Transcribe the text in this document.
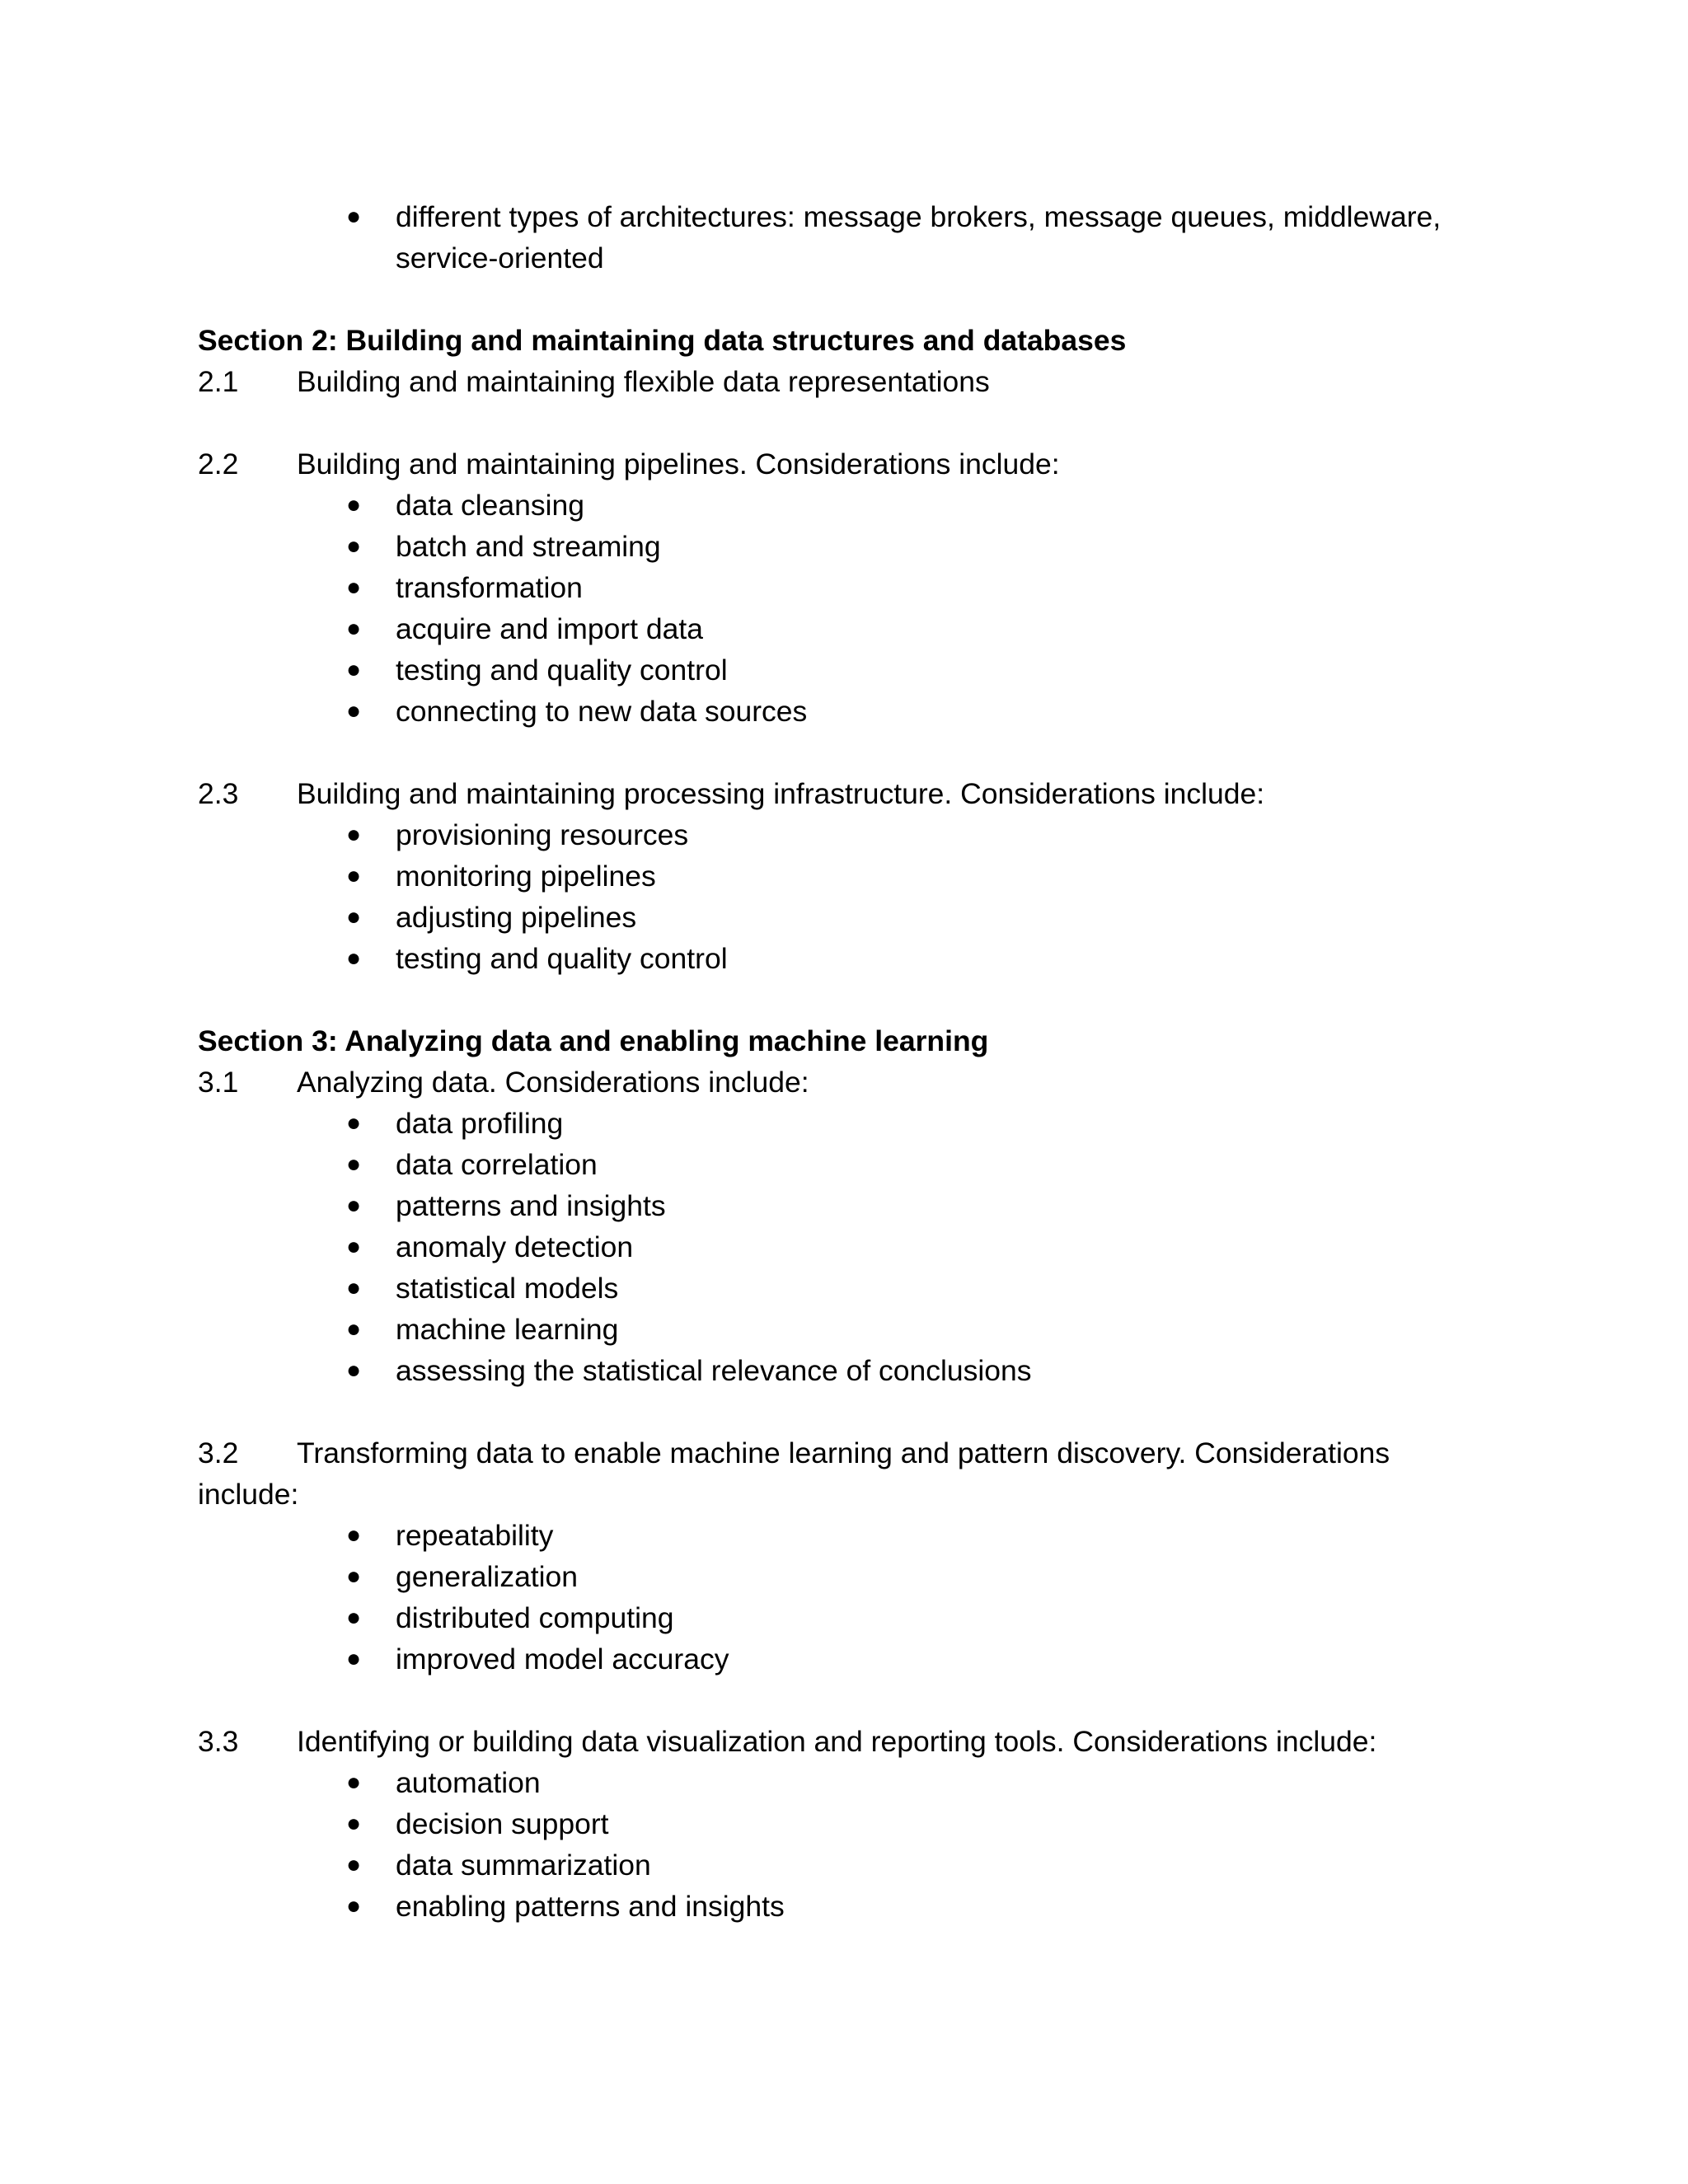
●	different types of architectures: message brokers, message queues, middleware,
service-oriented
Section 2: Building and maintaining data structures and databases
2.1 Building and maintaining flexible data representations
2.2 Building and maintaining pipelines. Considerations include:
●	data cleansing
●	batch and streaming
●	transformation
●	acquire and import data
●	testing and quality control
●	connecting to new data sources
2.3 Building and maintaining processing infrastructure. Considerations include:
●	provisioning resources
●	monitoring pipelines
●	adjusting pipelines
●	testing and quality control
Section 3: Analyzing data and enabling machine learning
3.1 Analyzing data. Considerations include:
●	data profiling
●	data correlation
●	patterns and insights
●	anomaly detection
●	statistical models
●	machine learning
●	assessing the statistical relevance of conclusions
3.2 Transforming data to enable machine learning and pattern discovery. Considerations
include:
●	repeatability
●	generalization
●	distributed computing
●	improved model accuracy
3.3 Identifying or building data visualization and reporting tools. Considerations include:
●	automation
●	decision support
●	data summarization
●	enabling patterns and insights
